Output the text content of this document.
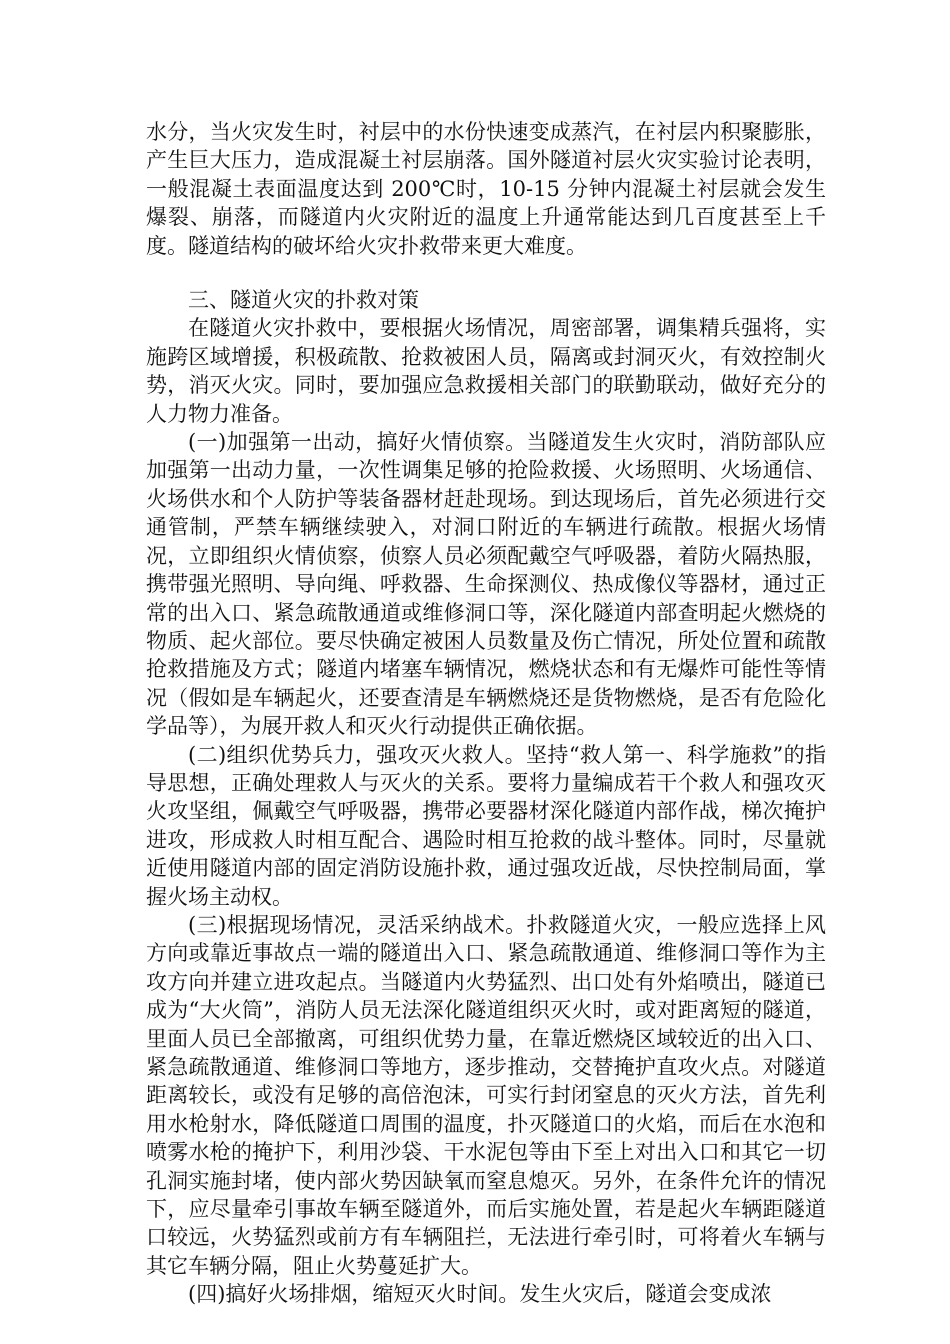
水分，当火灾发生时，衬层中的水份快速变成蒸汽，在衬层内积聚膨胀，产生巨大压力，造成混凝土衬层崩落。国外隧道衬层火灾实验讨论表明，一般混凝土表面温度达到 200℃时，10-15 分钟内混凝土衬层就会发生爆裂、崩落，而隧道内火灾附近的温度上升通常能达到几百度甚至上千度。隧道结构的破坏给火灾扑救带来更大难度。

三、隧道火灾的扑救对策

在隧道火灾扑救中，要根据火场情况，周密部署，调集精兵强将，实施跨区域增援，积极疏散、抢救被困人员，隔离或封洞灭火，有效控制火势，消灭火灾。同时，要加强应急救援相关部门的联勤联动，做好充分的人力物力准备。

(一)加强第一出动，搞好火情侦察。当隧道发生火灾时，消防部队应加强第一出动力量，一次性调集足够的抢险救援、火场照明、火场通信、火场供水和个人防护等装备器材赶赴现场。到达现场后，首先必须进行交通管制，严禁车辆继续驶入，对洞口附近的车辆进行疏散。根据火场情况，立即组织火情侦察，侦察人员必须配戴空气呼吸器，着防火隔热服，携带强光照明、导向绳、呼救器、生命探测仪、热成像仪等器材，通过正常的出入口、紧急疏散通道或维修洞口等，深化隧道内部查明起火燃烧的物质、起火部位。要尽快确定被困人员数量及伤亡情况，所处位置和疏散抢救措施及方式；隧道内堵塞车辆情况，燃烧状态和有无爆炸可能性等情况（假如是车辆起火，还要查清是车辆燃烧还是货物燃烧，是否有危险化学品等），为展开救人和灭火行动提供正确依据。

(二)组织优势兵力，强攻灭火救人。坚持“救人第一、科学施救”的指导思想，正确处理救人与灭火的关系。要将力量编成若干个救人和强攻灭火攻坚组，佩戴空气呼吸器，携带必要器材深化隧道内部作战，梯次掩护进攻，形成救人时相互配合、遇险时相互抢救的战斗整体。同时，尽量就近使用隧道内部的固定消防设施扑救，通过强攻近战，尽快控制局面，掌握火场主动权。

(三)根据现场情况，灵活采纳战术。扑救隧道火灾，一般应选择上风方向或靠近事故点一端的隧道出入口、紧急疏散通道、维修洞口等作为主攻方向并建立进攻起点。当隧道内火势猛烈、出口处有外焰喷出，隧道已成为“大火筒”，消防人员无法深化隧道组织灭火时，或对距离短的隧道，里面人员已全部撤离，可组织优势力量，在靠近燃烧区域较近的出入口、紧急疏散通道、维修洞口等地方，逐步推动，交替掩护直攻火点。对隧道距离较长，或没有足够的高倍泡沫，可实行封闭窒息的灭火方法，首先利用水枪射水，降低隧道口周围的温度，扑灭隧道口的火焰，而后在水泡和喷雾水枪的掩护下，利用沙袋、干水泥包等由下至上对出入口和其它一切孔洞实施封堵，使内部火势因缺氧而窒息熄灭。另外，在条件允许的情况下，应尽量牵引事故车辆至隧道外，而后实施处置，若是起火车辆距隧道口较远，火势猛烈或前方有车辆阻拦，无法进行牵引时，可将着火车辆与其它车辆分隔，阻止火势蔓延扩大。

(四)搞好火场排烟，缩短灭火时间。发生火灾后，隧道会变成浓
